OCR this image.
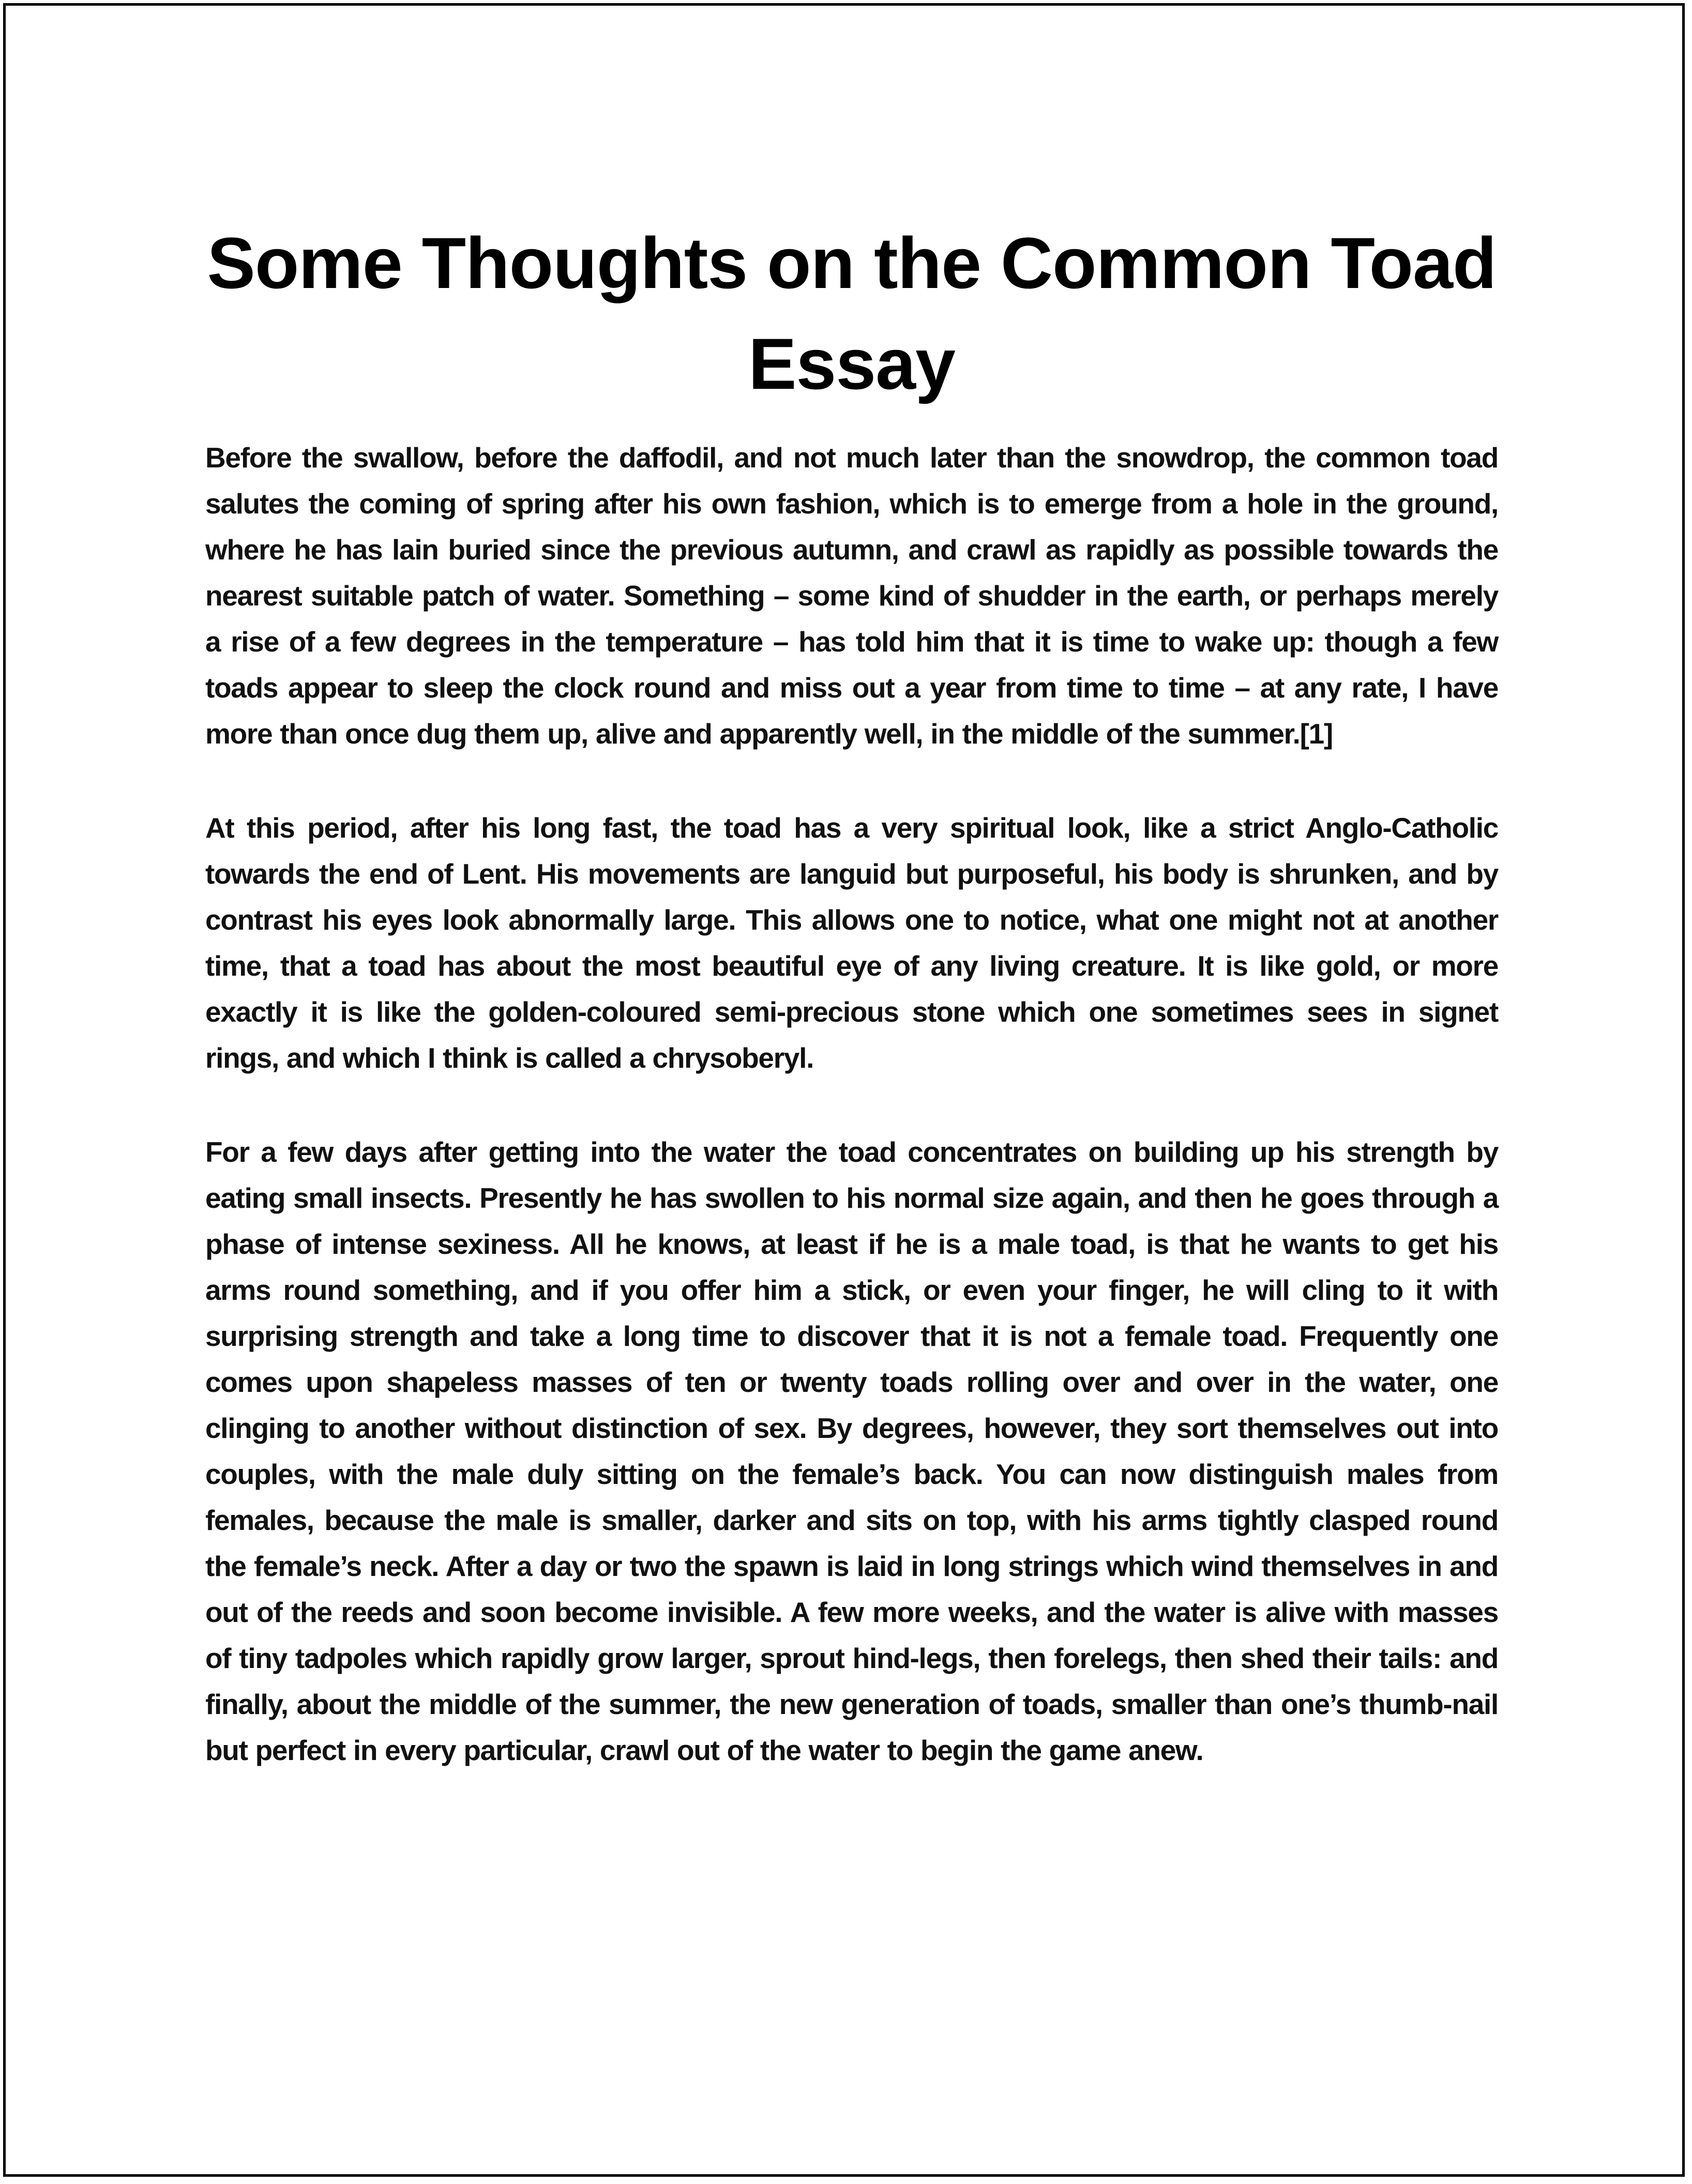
Some Thoughts on the Common Toad Essay

Before the swallow, before the daffodil, and not much later than the snowdrop, the common toad salutes the coming of spring after his own fashion, which is to emerge from a hole in the ground, where he has lain buried since the previous autumn, and crawl as rapidly as possible towards the nearest suitable patch of water. Something – some kind of shudder in the earth, or perhaps merely a rise of a few degrees in the temperature – has told him that it is time to wake up: though a few toads appear to sleep the clock round and miss out a year from time to time – at any rate, I have more than once dug them up, alive and apparently well, in the middle of the summer.[1]

At this period, after his long fast, the toad has a very spiritual look, like a strict Anglo-Catholic towards the end of Lent. His movements are languid but purposeful, his body is shrunken, and by contrast his eyes look abnormally large. This allows one to notice, what one might not at another time, that a toad has about the most beautiful eye of any living creature. It is like gold, or more exactly it is like the golden-coloured semi-precious stone which one sometimes sees in signet rings, and which I think is called a chrysoberyl.

For a few days after getting into the water the toad concentrates on building up his strength by eating small insects. Presently he has swollen to his normal size again, and then he goes through a phase of intense sexiness. All he knows, at least if he is a male toad, is that he wants to get his arms round something, and if you offer him a stick, or even your finger, he will cling to it with surprising strength and take a long time to discover that it is not a female toad. Frequently one comes upon shapeless masses of ten or twenty toads rolling over and over in the water, one clinging to another without distinction of sex. By degrees, however, they sort themselves out into couples, with the male duly sitting on the female’s back. You can now distinguish males from females, because the male is smaller, darker and sits on top, with his arms tightly clasped round the female’s neck. After a day or two the spawn is laid in long strings which wind themselves in and out of the reeds and soon become invisible. A few more weeks, and the water is alive with masses of tiny tadpoles which rapidly grow larger, sprout hind-legs, then forelegs, then shed their tails: and finally, about the middle of the summer, the new generation of toads, smaller than one’s thumb-nail but perfect in every particular, crawl out of the water to begin the game anew.
